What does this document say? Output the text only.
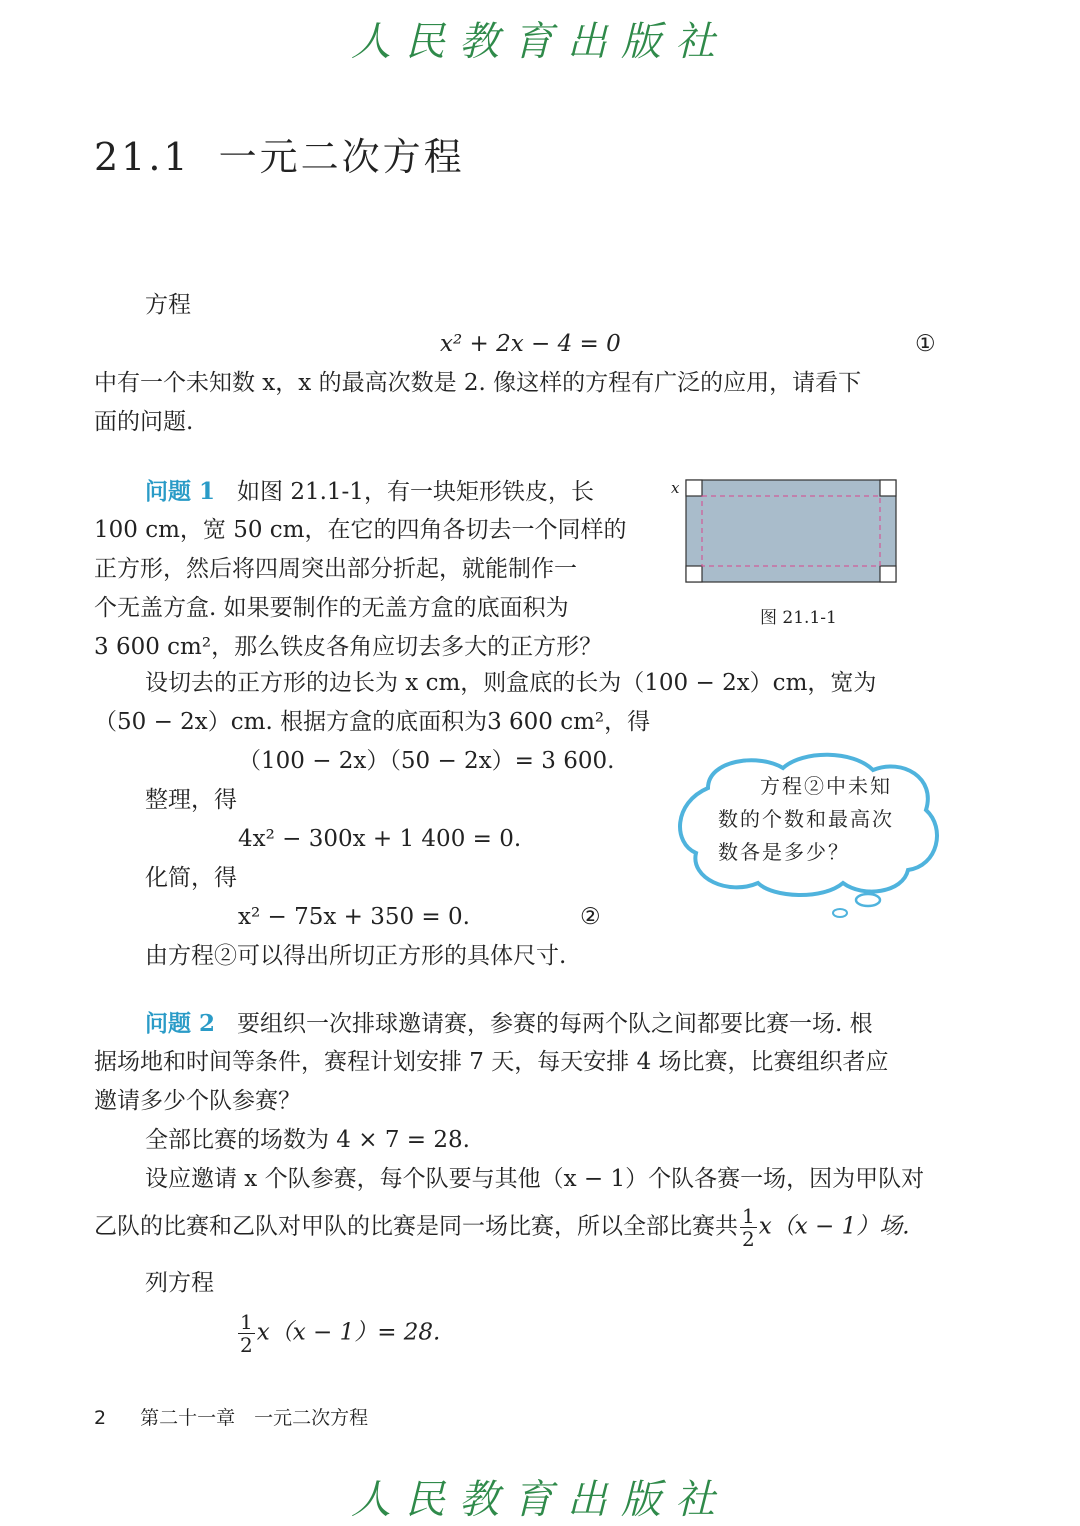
人民教育出版社
21.1 一元二次方程
方程
x² + 2x − 4 = 0	①
中有一个未知数 x，x 的最高次数是 2. 像这样的方程有广泛的应用，请看下
面的问题.
问题 1 如图 21.1-1，有一块矩形铁皮，长
100 cm，宽 50 cm，在它的四角各切去一个同样的
正方形，然后将四周突出部分折起，就能制作一
个无盖方盒. 如果要制作的无盖方盒的底面积为
3 600 cm²，那么铁皮各角应切去多大的正方形？
x
图 21.1-1
设切去的正方形的边长为 x cm，则盒底的长为（100 − 2x）cm，宽为
（50 − 2x）cm. 根据方盒的底面积为3 600 cm²，得
（100 − 2x）（50 − 2x）= 3 600.
整理，得
4x² − 300x + 1 400 = 0.
化简，得
x² − 75x + 350 = 0.	②
由方程②可以得出所切正方形的具体尺寸.
方程②中未知
数的个数和最高次
数各是多少？
问题 2 要组织一次排球邀请赛，参赛的每两个队之间都要比赛一场. 根
据场地和时间等条件，赛程计划安排 7 天，每天安排 4 场比赛，比赛组织者应
邀请多少个队参赛？
全部比赛的场数为 4 × 7 = 28.
设应邀请 x 个队参赛，每个队要与其他（x − 1）个队各赛一场，因为甲队对
乙队的比赛和乙队对甲队的比赛是同一场比赛，所以全部比赛共 $\frac{1}{2} x(x - 1)$场.
列方程
$\frac{1}{2} x(x - 1)= 28$.
2 第二十一章　一元二次方程
人民教育出版社
